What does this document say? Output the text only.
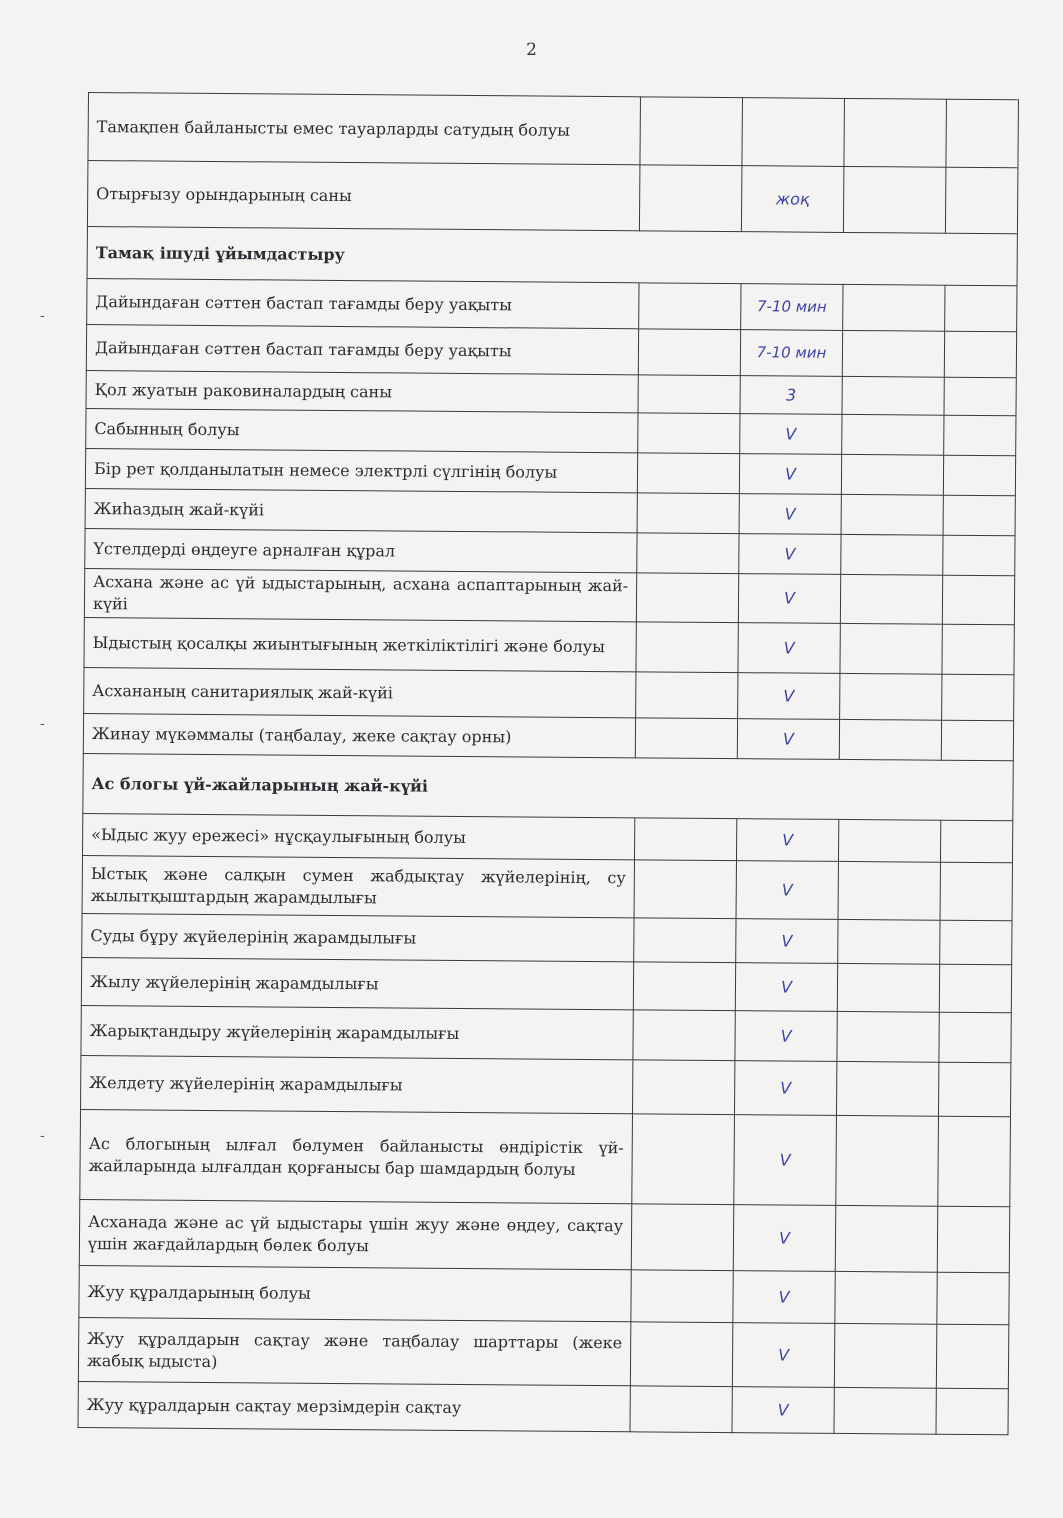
2
-
-
-
Тамақпен байланысты емес тауарларды сатудың болуы				
Отырғызу орындарының саны		жоқ		
Тамақ ішуді ұйымдастыру				
Дайындаған сәттен бастап тағамды беру уақыты		7-10 мин		
Дайындаған сәттен бастап тағамды беру уақыты		7-10 мин		
Қол жуатын раковиналардың саны		3		
Сабынның болуы		V		
Бір рет қолданылатын немесе электрлі сүлгінің болуы		V		
Жиһаздың жай-күйі		V		
Үстелдерді өңдеуге арналған құрал		V		
Асхана және ас үй ыдыстарының, асхана аспаптарының жай-күйі		V		
Ыдыстың қосалқы жиынтығының жеткіліктілігі және болуы		V		
Асхананың санитариялық жай-күйі		V		
Жинау мүкәммалы (таңбалау, жеке сақтау орны)		V		
Ас блогы үй-жайларының жай-күйі				
«Ыдыс жуу ережесі» нұсқаулығының болуы		V		
Ыстық және салқын сумен жабдықтау жүйелерінің, су жылытқыштардың жарамдылығы		V		
Суды бұру жүйелерінің жарамдылығы		V		
Жылу жүйелерінің жарамдылығы		V		
Жарықтандыру жүйелерінің жарамдылығы		V		
Желдету жүйелерінің жарамдылығы		V		
Ас блогының ылғал бөлумен байланысты өндірістік үй-жайларында ылғалдан қорғанысы бар шамдардың болуы		V		
Асханада және ас үй ыдыстары үшін жуу және өңдеу, сақтау үшін жағдайлардың бөлек болуы		V		
Жуу құралдарының болуы		V		
Жуу құралдарын сақтау және таңбалау шарттары (жеке жабық ыдыста)		V		
Жуу құралдарын сақтау мерзімдерін сақтау		V		
